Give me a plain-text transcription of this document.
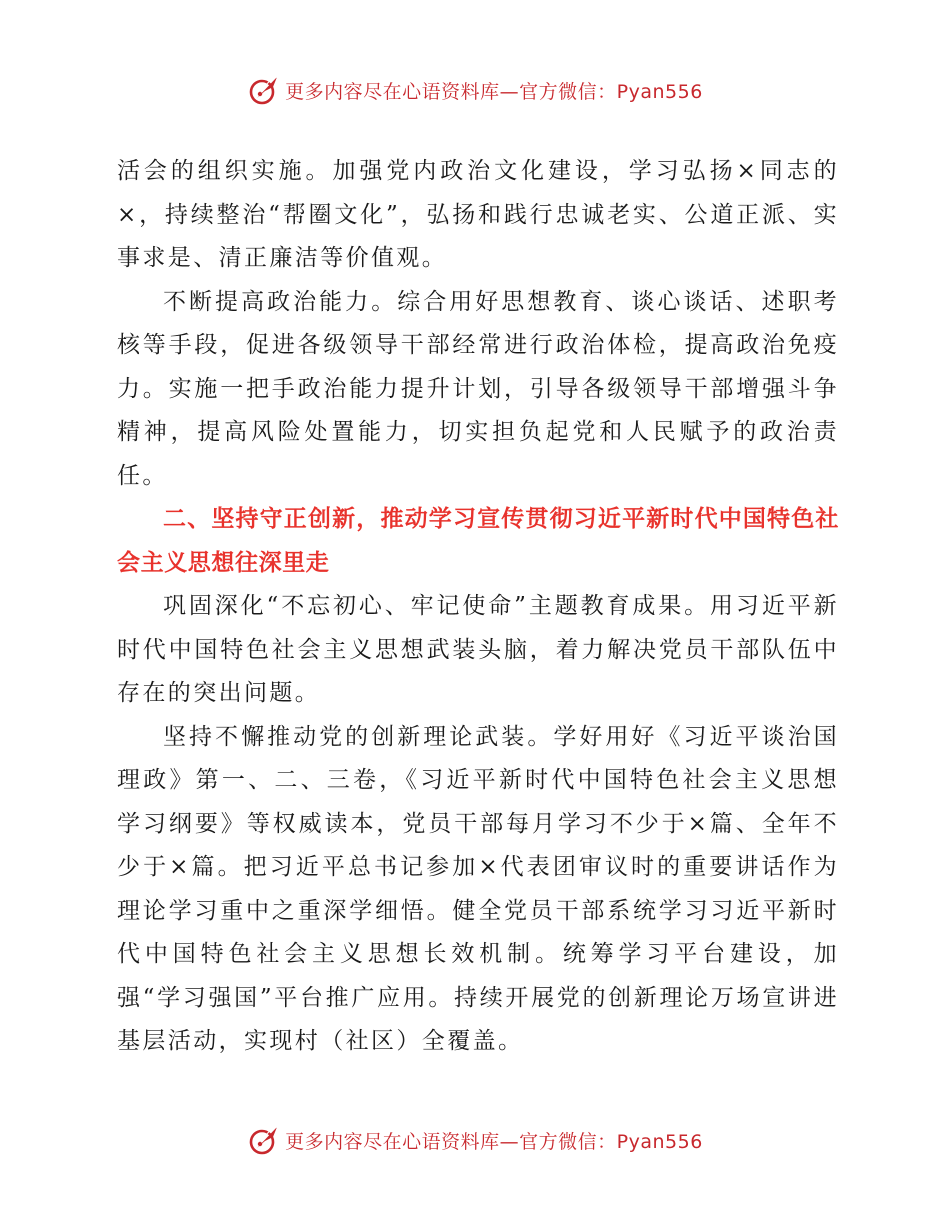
更多内容尽在心语资料库—官方微信：Pyan556

活会的组织实施。加强党内政治文化建设，学习弘扬×同志的×，持续整治“帮圈文化”，弘扬和践行忠诚老实、公道正派、实事求是、清正廉洁等价值观。

不断提高政治能力。综合用好思想教育、谈心谈话、述职考核等手段，促进各级领导干部经常进行政治体检，提高政治免疫力。实施一把手政治能力提升计划，引导各级领导干部增强斗争精神，提高风险处置能力，切实担负起党和人民赋予的政治责任。

二、坚持守正创新，推动学习宣传贯彻习近平新时代中国特色社会主义思想往深里走

巩固深化“不忘初心、牢记使命”主题教育成果。用习近平新时代中国特色社会主义思想武装头脑，着力解决党员干部队伍中存在的突出问题。

坚持不懈推动党的创新理论武装。学好用好《习近平谈治国理政》第一、二、三卷，《习近平新时代中国特色社会主义思想学习纲要》等权威读本，党员干部每月学习不少于×篇、全年不少于×篇。把习近平总书记参加×代表团审议时的重要讲话作为理论学习重中之重深学细悟。健全党员干部系统学习习近平新时代中国特色社会主义思想长效机制。统筹学习平台建设，加强“学习强国”平台推广应用。持续开展党的创新理论万场宣讲进基层活动，实现村（社区）全覆盖。

更多内容尽在心语资料库—官方微信：Pyan556
